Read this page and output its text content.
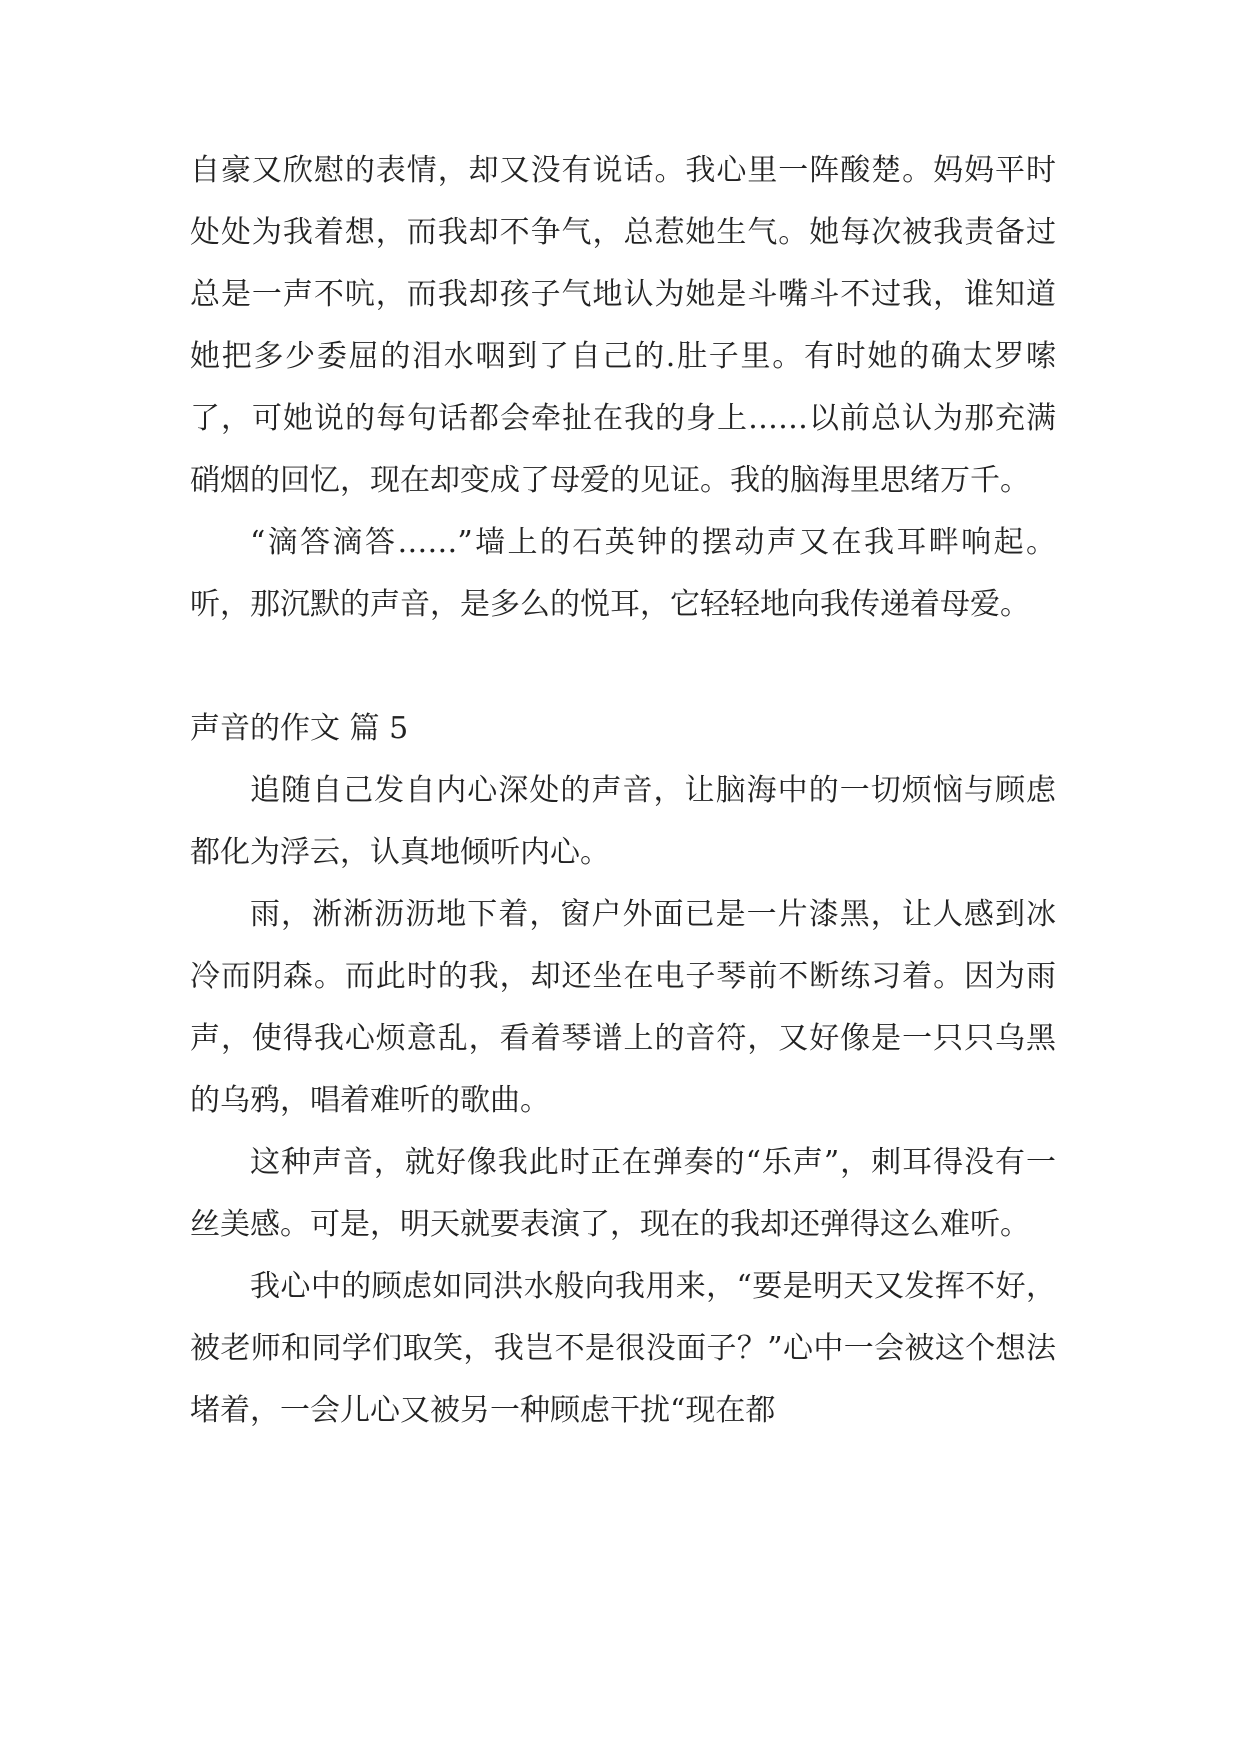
自豪又欣慰的表情，却又没有说话。我心里一阵酸楚。妈妈平时处处为我着想，而我却不争气，总惹她生气。她每次被我责备过总是一声不吭，而我却孩子气地认为她是斗嘴斗不过我，谁知道她把多少委屈的泪水咽到了自己的.肚子里。有时她的确太罗嗦了，可她说的每句话都会牵扯在我的身上……以前总认为那充满硝烟的回忆，现在却变成了母爱的见证。我的脑海里思绪万千。

“滴答滴答……”墙上的石英钟的摆动声又在我耳畔响起。听，那沉默的声音，是多么的悦耳，它轻轻地向我传递着母爱。

声音的作文 篇 5

追随自己发自内心深处的声音，让脑海中的一切烦恼与顾虑都化为浮云，认真地倾听内心。

雨，淅淅沥沥地下着，窗户外面已是一片漆黑，让人感到冰冷而阴森。而此时的我，却还坐在电子琴前不断练习着。因为雨声，使得我心烦意乱，看着琴谱上的音符，又好像是一只只乌黑的乌鸦，唱着难听的歌曲。

这种声音，就好像我此时正在弹奏的“乐声”，刺耳得没有一丝美感。可是，明天就要表演了，现在的我却还弹得这么难听。

我心中的顾虑如同洪水般向我用来，“要是明天又发挥不好，被老师和同学们取笑，我岂不是很没面子？”心中一会被这个想法堵着，一会儿心又被另一种顾虑干扰“现在都
